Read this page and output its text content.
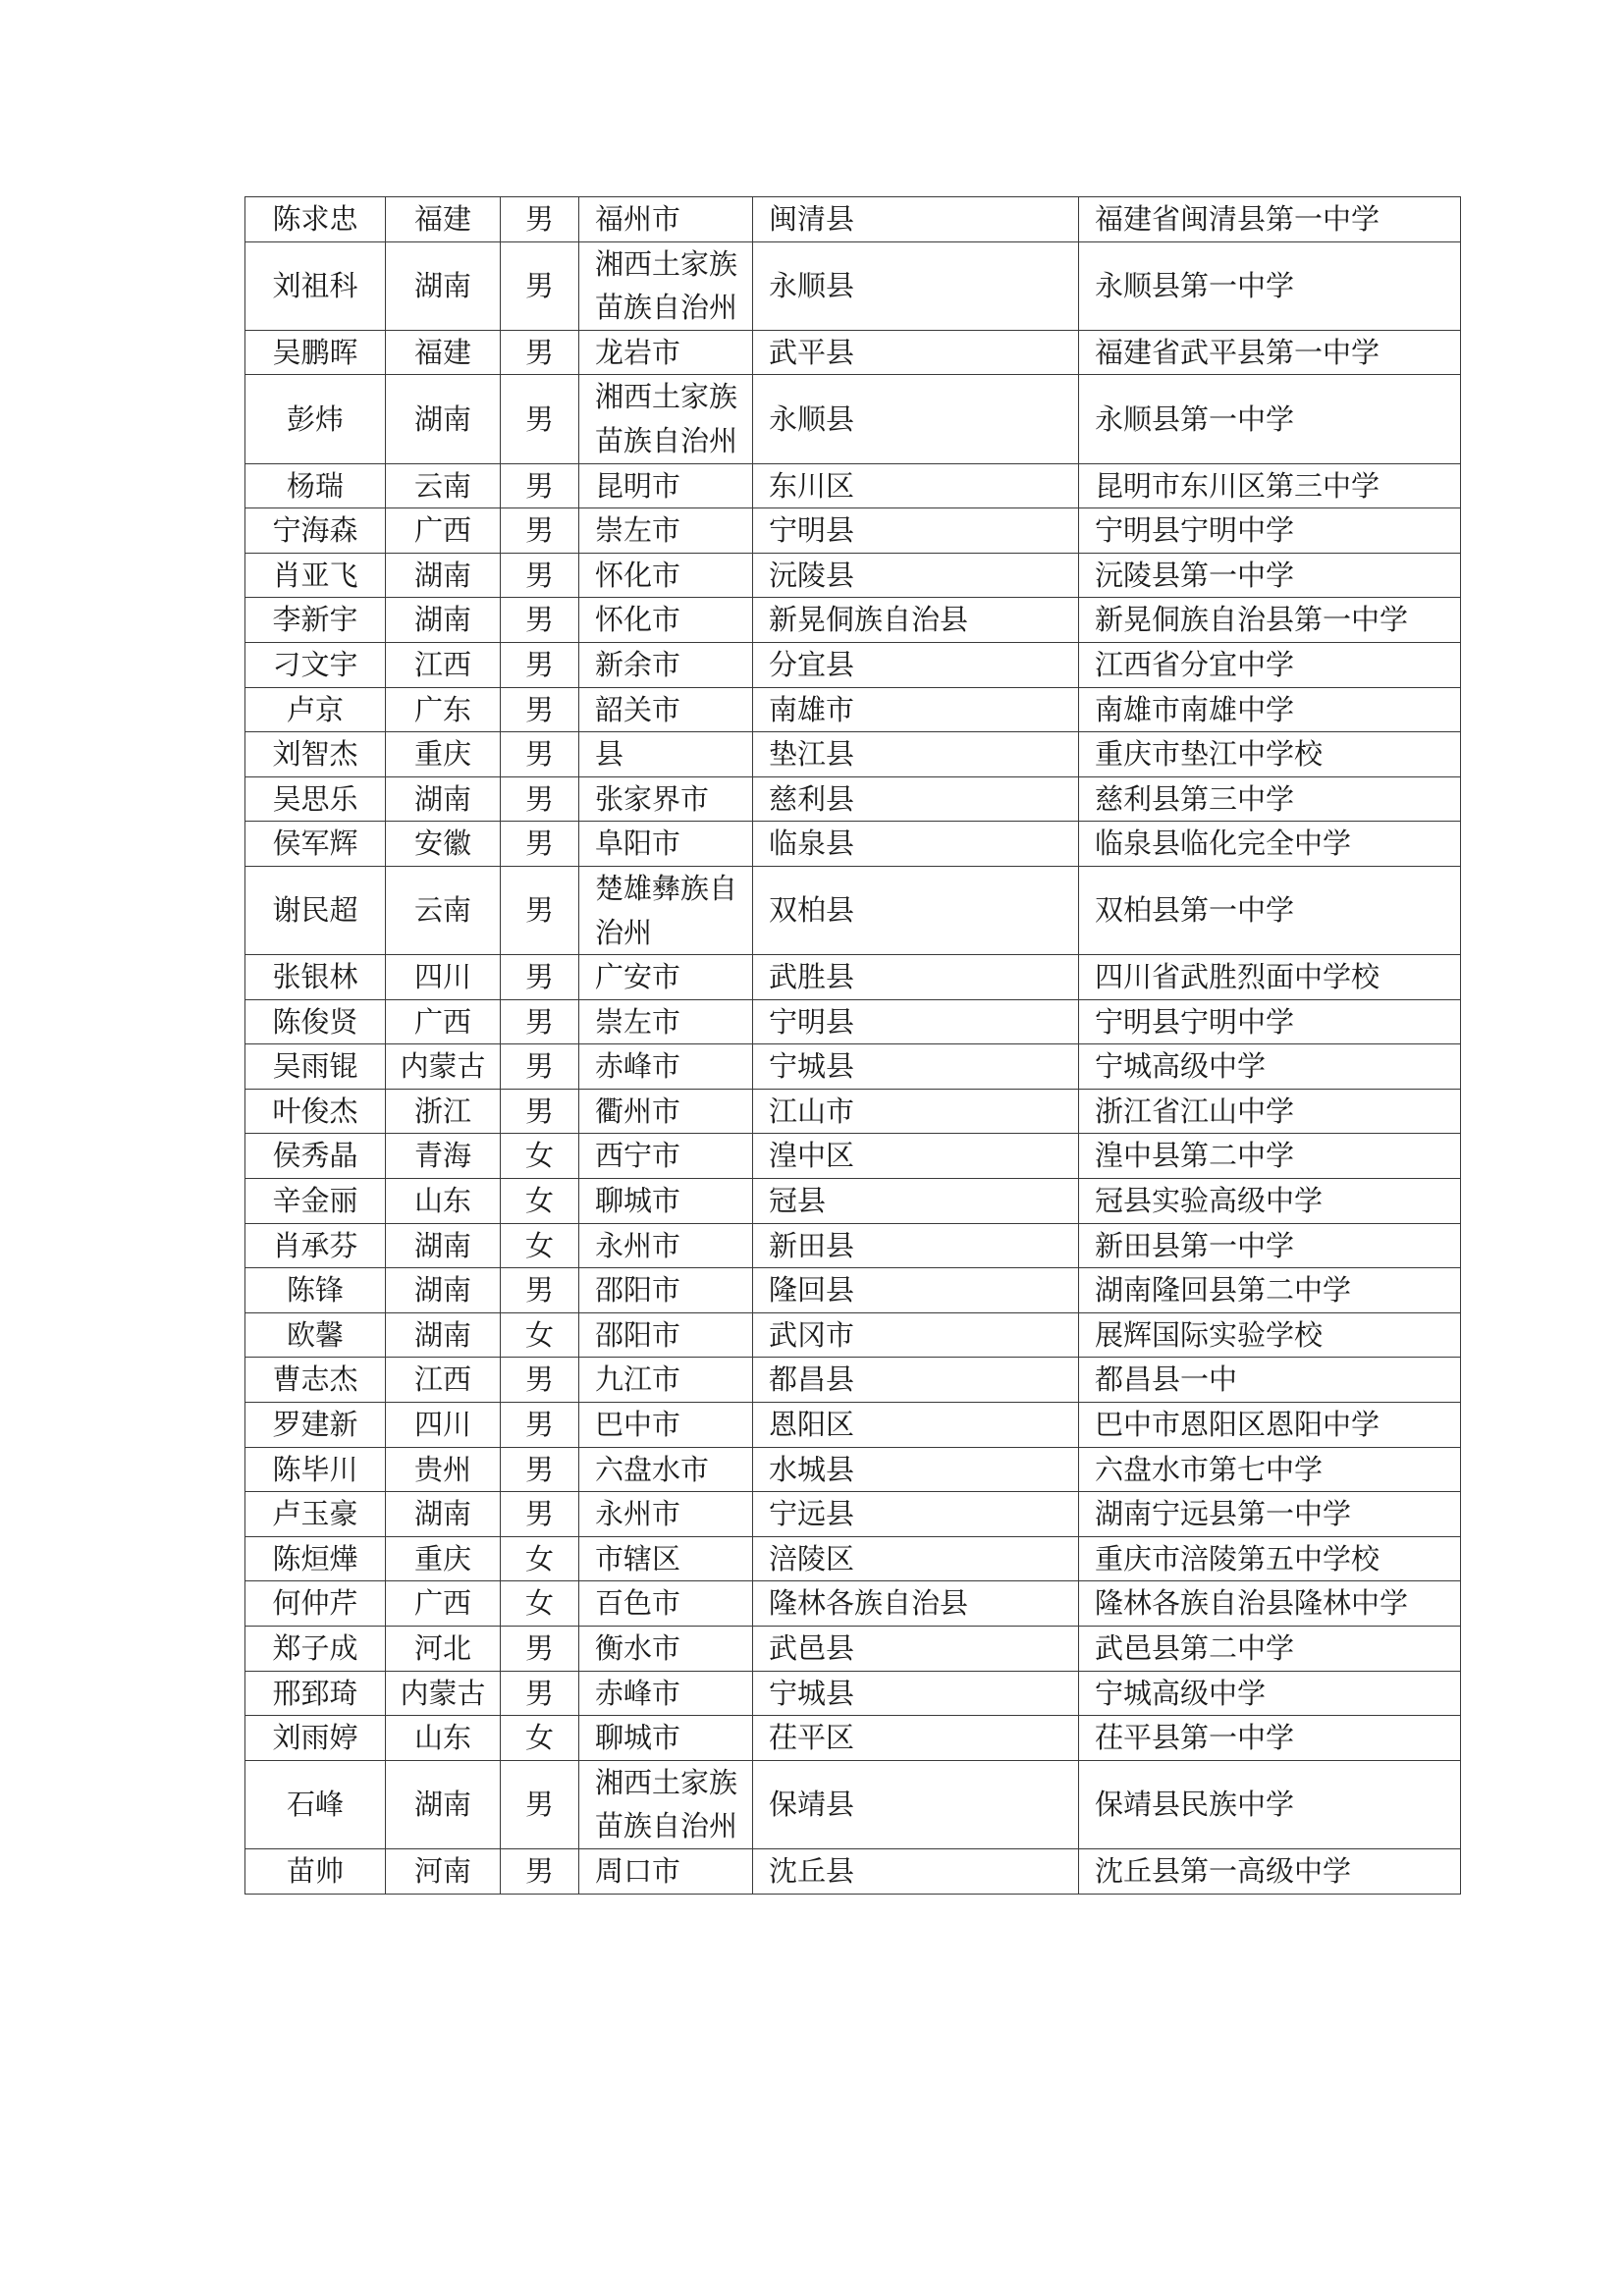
陈求忠	福建	男	福州市	闽清县	福建省闽清县第一中学
刘祖科	湖南	男	湘西土家族苗族自治州	永顺县	永顺县第一中学
吴鹏晖	福建	男	龙岩市	武平县	福建省武平县第一中学
彭炜	湖南	男	湘西土家族苗族自治州	永顺县	永顺县第一中学
杨瑞	云南	男	昆明市	东川区	昆明市东川区第三中学
宁海森	广西	男	崇左市	宁明县	宁明县宁明中学
肖亚飞	湖南	男	怀化市	沅陵县	沅陵县第一中学
李新宇	湖南	男	怀化市	新晃侗族自治县	新晃侗族自治县第一中学
刁文宇	江西	男	新余市	分宜县	江西省分宜中学
卢京	广东	男	韶关市	南雄市	南雄市南雄中学
刘智杰	重庆	男	县	垫江县	重庆市垫江中学校
吴思乐	湖南	男	张家界市	慈利县	慈利县第三中学
侯军辉	安徽	男	阜阳市	临泉县	临泉县临化完全中学
谢民超	云南	男	楚雄彝族自治州	双柏县	双柏县第一中学
张银林	四川	男	广安市	武胜县	四川省武胜烈面中学校
陈俊贤	广西	男	崇左市	宁明县	宁明县宁明中学
吴雨锟	内蒙古	男	赤峰市	宁城县	宁城高级中学
叶俊杰	浙江	男	衢州市	江山市	浙江省江山中学
侯秀晶	青海	女	西宁市	湟中区	湟中县第二中学
辛金丽	山东	女	聊城市	冠县	冠县实验高级中学
肖承芬	湖南	女	永州市	新田县	新田县第一中学
陈锋	湖南	男	邵阳市	隆回县	湖南隆回县第二中学
欧馨	湖南	女	邵阳市	武冈市	展辉国际实验学校
曹志杰	江西	男	九江市	都昌县	都昌县一中
罗建新	四川	男	巴中市	恩阳区	巴中市恩阳区恩阳中学
陈毕川	贵州	男	六盘水市	水城县	六盘水市第七中学
卢玉豪	湖南	男	永州市	宁远县	湖南宁远县第一中学
陈烜燁	重庆	女	市辖区	涪陵区	重庆市涪陵第五中学校
何仲芹	广西	女	百色市	隆林各族自治县	隆林各族自治县隆林中学
郑子成	河北	男	衡水市	武邑县	武邑县第二中学
邢郅琦	内蒙古	男	赤峰市	宁城县	宁城高级中学
刘雨婷	山东	女	聊城市	茌平区	茌平县第一中学
石峰	湖南	男	湘西土家族苗族自治州	保靖县	保靖县民族中学
苗帅	河南	男	周口市	沈丘县	沈丘县第一高级中学
